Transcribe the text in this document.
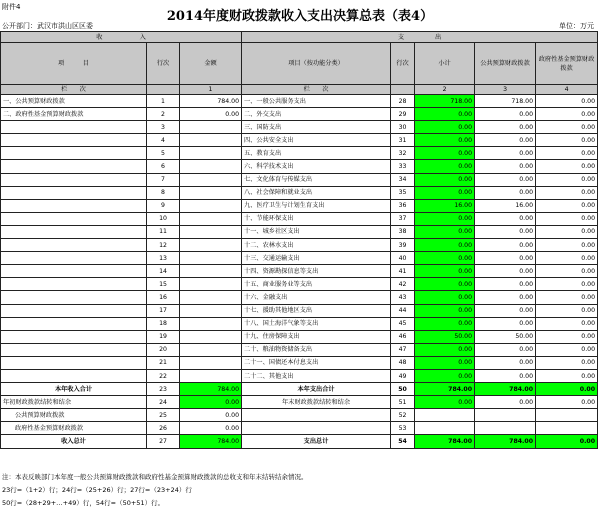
附件4
2014年度财政拨款收入支出决算总表（表4）
公开部门：武汉市洪山区区委	单位：万元
收　　　　　　入			支　　　　　出				
项　　　目	行次	金额	项目（按功能分类）	行次	小计	公共预算财政拨款	政府性基金预算财政拨款
栏　　次		1	栏　　次		2	3	4
一、公共预算财政拨款	1	784.00	一、一般公共服务支出	28	718.00	718.00	0.00
二、政府性基金预算财政拨款	2	0.00	二、外交支出	29	0.00	0.00	0.00
	3		三、国防支出	30	0.00	0.00	0.00
	4		四、公共安全支出	31	0.00	0.00	0.00
	5		五、教育支出	32	0.00	0.00	0.00
	6		六、科学技术支出	33	0.00	0.00	0.00
	7		七、文化体育与传媒支出	34	0.00	0.00	0.00
	8		八、社会保障和就业支出	35	0.00	0.00	0.00
	9		九、医疗卫生与计划生育支出	36	16.00	16.00	0.00
	10		十、节能环保支出	37	0.00	0.00	0.00
	11		十一、城乡社区支出	38	0.00	0.00	0.00
	12		十二、农林水支出	39	0.00	0.00	0.00
	13		十三、交通运输支出	40	0.00	0.00	0.00
	14		十四、资源勘探信息等支出	41	0.00	0.00	0.00
	15		十五、商业服务业等支出	42	0.00	0.00	0.00
	16		十六、金融支出	43	0.00	0.00	0.00
	17		十七、援助其他地区支出	44	0.00	0.00	0.00
	18		十八、国土海洋气象等支出	45	0.00	0.00	0.00
	19		十九、住房保障支出	46	50.00	50.00	0.00
	20		二十、粮油物资储备支出	47	0.00	0.00	0.00
	21		二十一、国债还本付息支出	48	0.00	0.00	0.00
	22		二十二、其他支出	49	0.00	0.00	0.00
本年收入合计	23	784.00	本年支出合计	50	784.00	784.00	0.00
年初财政拨款结转和结余	24	0.00	年末财政拨款结转和结余	51	0.00	0.00	0.00
公共预算财政拨款	25	0.00		52			
政府性基金预算财政拨款	26	0.00		53			
收入总计	27	784.00	支出总计	54	784.00	784.00	0.00
注：本表反映部门本年度一般公共预算财政拨款和政府性基金预算财政拨款的总收支和年末结转结余情况。
23行=（1+2）行；24行=（25+26）行；27行=（23+24）行
50行=（28+29+…+49）行，54行=（50+51）行。
